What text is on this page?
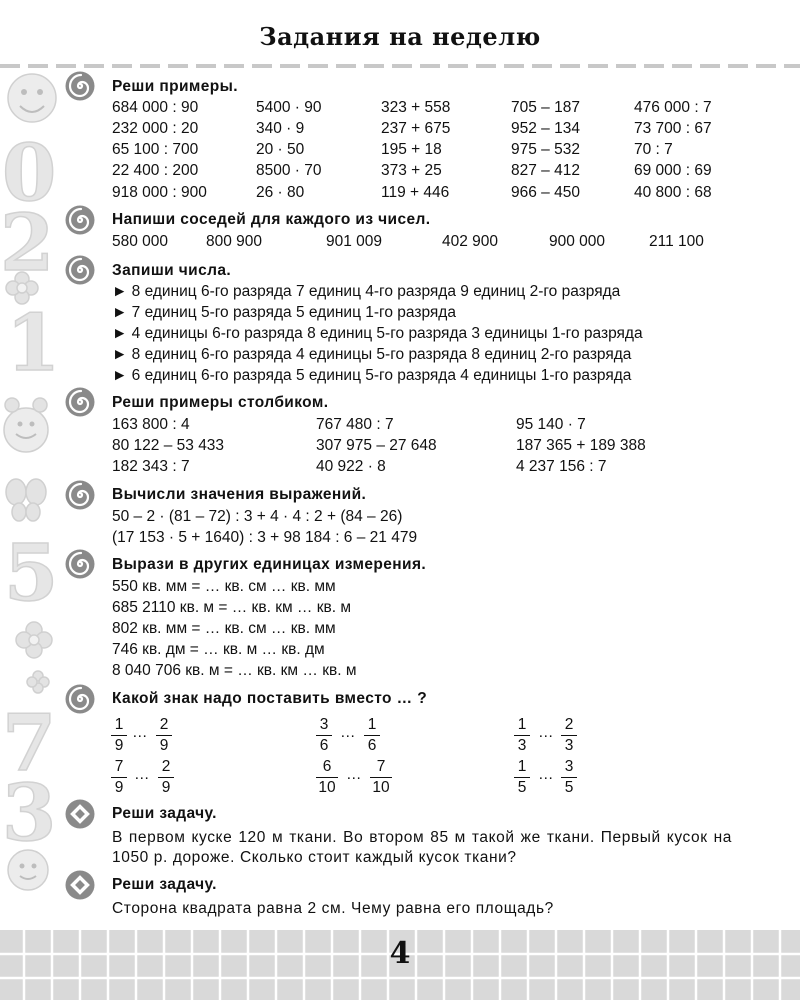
Задания на неделю
0
2
1
5
7
3
Реши примеры.
684 000 : 90	5400 · 90	323 + 558	705 – 187	476 000 : 7
232 000 : 20	340 · 9	237 + 675	952 – 134	73 700 : 67
65 100 : 700	20 · 50	195 + 18	975 – 532	70 : 7
22 400 : 200	8500 · 70	373 + 25	827 – 412	69 000 : 69
918 000 : 900	26 · 80	119 + 446	966 – 450	40 800 : 68
Напиши соседей для каждого из чисел.
580 000 800 900	901 009	402 900	900 000	211 100
Запиши числа.
► 8 единиц 6-го разряда 7 единиц 4-го разряда 9 единиц 2-го разряда
► 7 единиц 5-го разряда 5 единиц 1-го разряда
► 4 единицы 6-го разряда 8 единиц 5-го разряда 3 единицы 1-го разряда
► 8 единиц 6-го разряда 4 единицы 5-го разряда 8 единиц 2-го разряда
► 6 единиц 6-го разряда 5 единиц 5-го разряда 4 единицы 1-го разряда
Реши примеры столбиком.
163 800 : 4	767 480 : 7	95 140 · 7
80 122 – 53 433	307 975 – 27 648	187 365 + 189 388
182 343 : 7	40 922 · 8	4 237 156 : 7
Вычисли значения выражений.
50 – 2 · (81 – 72) : 3 + 4 · 4 : 2 + (84 – 26)
(17 153 · 5 + 1640) : 3 + 98 184 : 6 – 21 479
Вырази в других единицах измерения.
550 кв. мм = … кв. см … кв. мм
685 2110 кв. м = … кв. км … кв. м
802 кв. мм = … кв. см … кв. мм
746 кв. дм = … кв. м … кв. дм
8 040 706 кв. м = … кв. км … кв. м
Какой знак надо поставить вместо … ?
$\frac{1}{9}$ … $\frac{2}{9}$	$\frac{3}{6}$ … $\frac{1}{6}$	$\frac{1}{3}$ … $\frac{2}{3}$
$\frac{7}{9}$ … $\frac{2}{9}$	$\frac{6}{10}$ … $\frac{7}{10}$	$\frac{1}{5}$ … $\frac{3}{5}$
Реши задачу.
В первом куске 120 м ткани. Во втором 85 м такой же ткани. Первый кусок на 1050 р. дороже. Сколько стоит каждый кусок ткани?
Реши задачу.
Сторона квадрата равна 2 см. Чему равна его площадь?
4
